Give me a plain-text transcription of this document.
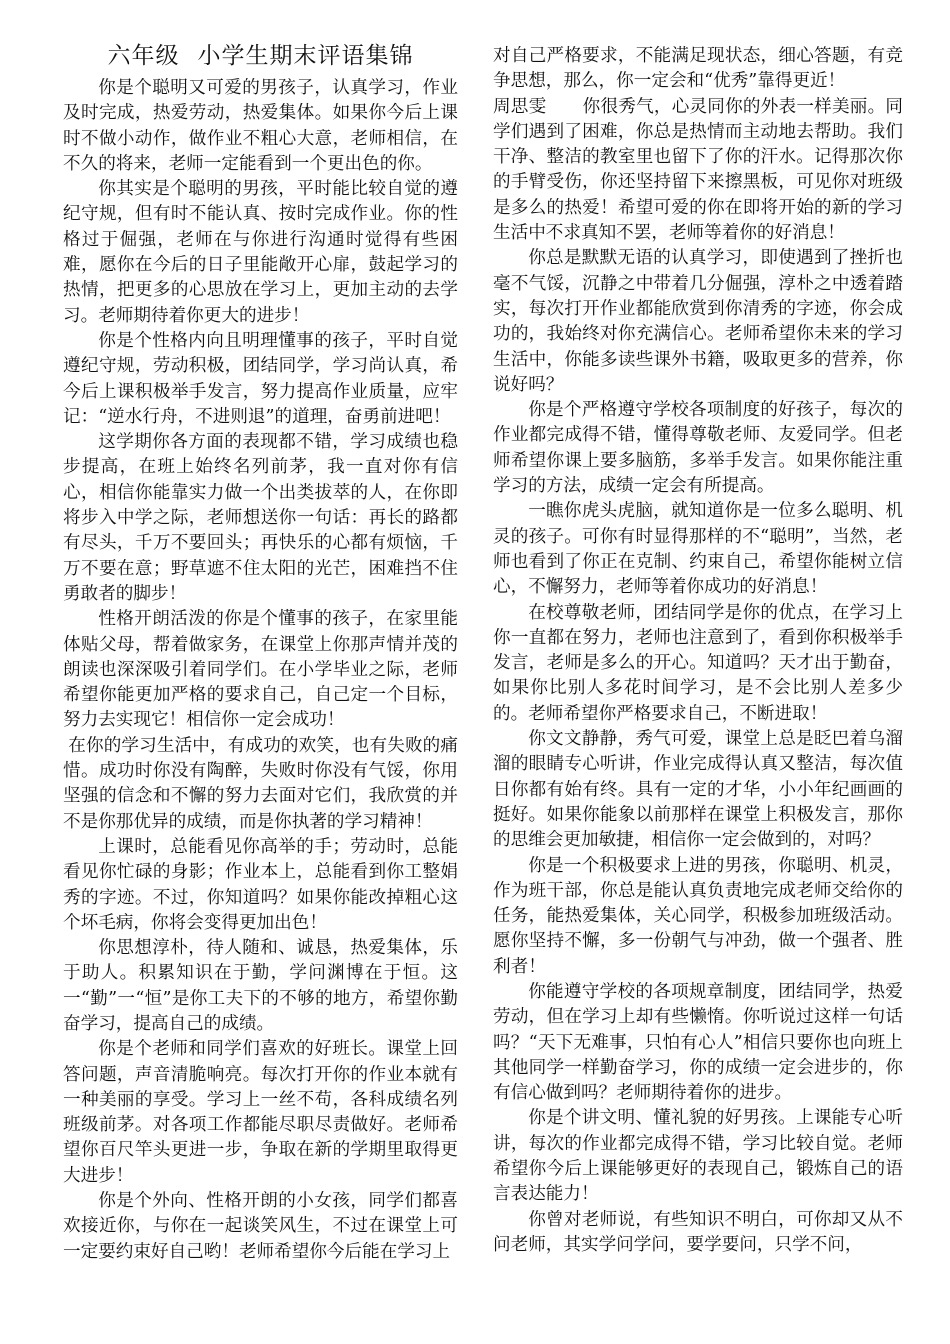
六年级 小学生期末评语集锦

你是个聪明又可爱的男孩子，认真学习，作业及时完成，热爱劳动，热爱集体。如果你今后上课时不做小动作，做作业不粗心大意，老师相信，在不久的将来，老师一定能看到一个更出色的你。

你其实是个聪明的男孩，平时能比较自觉的遵纪守规，但有时不能认真、按时完成作业。你的性格过于倔强，老师在与你进行沟通时觉得有些困难，愿你在今后的日子里能敞开心扉，鼓起学习的热情，把更多的心思放在学习上，更加主动的去学习。老师期待着你更大的进步！

你是个性格内向且明理懂事的孩子，平时自觉遵纪守规，劳动积极，团结同学，学习尚认真，希今后上课积极举手发言，努力提高作业质量，应牢记：“逆水行舟，不进则退”的道理，奋勇前进吧！

这学期你各方面的表现都不错，学习成绩也稳步提高，在班上始终名列前茅，我一直对你有信心，相信你能靠实力做一个出类拔萃的人，在你即将步入中学之际，老师想送你一句话：再长的路都有尽头，千万不要回头；再快乐的心都有烦恼，千万不要在意；野草遮不住太阳的光芒，困难挡不住勇敢者的脚步！

性格开朗活泼的你是个懂事的孩子，在家里能体贴父母，帮着做家务，在课堂上你那声情并茂的朗读也深深吸引着同学们。在小学毕业之际，老师希望你能更加严格的要求自己，自己定一个目标，努力去实现它！相信你一定会成功！

在你的学习生活中，有成功的欢笑，也有失败的痛惜。成功时你没有陶醉，失败时你没有气馁，你用坚强的信念和不懈的努力去面对它们，我欣赏的并不是你那优异的成绩，而是你执著的学习精神！

上课时，总能看见你高举的手；劳动时，总能看见你忙碌的身影；作业本上，总能看到你工整娟秀的字迹。不过，你知道吗？如果你能改掉粗心这个坏毛病，你将会变得更加出色！

你思想淳朴，待人随和、诚恳，热爱集体，乐于助人。积累知识在于勤，学问渊博在于恒。这一“勤”一“恒”是你工夫下的不够的地方，希望你勤奋学习，提高自己的成绩。

你是个老师和同学们喜欢的好班长。课堂上回答问题，声音清脆响亮。每次打开你的作业本就有一种美丽的享受。学习上一丝不苟，各科成绩名列班级前茅。对各项工作都能尽职尽责做好。老师希望你百尺竿头更进一步，争取在新的学期里取得更大进步！

你是个外向、性格开朗的小女孩，同学们都喜欢接近你，与你在一起谈笑风生，不过在课堂上可一定要约束好自己哟！老师希望你今后能在学习上

对自己严格要求，不能满足现状态，细心答题，有竞争思想，那么，你一定会和“优秀”靠得更近！

周思雯 你很秀气，心灵同你的外表一样美丽。同学们遇到了困难，你总是热情而主动地去帮助。我们干净、整洁的教室里也留下了你的汗水。记得那次你的手臂受伤，你还坚持留下来擦黑板，可见你对班级是多么的热爱！希望可爱的你在即将开始的新的学习生活中不求真知不罢，老师等着你的好消息！

你总是默默无语的认真学习，即使遇到了挫折也毫不气馁，沉静之中带着几分倔强，淳朴之中透着踏实，每次打开作业都能欣赏到你清秀的字迹，你会成功的，我始终对你充满信心。老师希望你未来的学习生活中，你能多读些课外书籍，吸取更多的营养，你说好吗？

你是个严格遵守学校各项制度的好孩子，每次的作业都完成得不错，懂得尊敬老师、友爱同学。但老师希望你课上要多脑筋，多举手发言。如果你能注重学习的方法，成绩一定会有所提高。

一瞧你虎头虎脑，就知道你是一位多么聪明、机灵的孩子。可你有时显得那样的不“聪明”，当然，老师也看到了你正在克制、约束自己，希望你能树立信心，不懈努力，老师等着你成功的好消息！

在校尊敬老师，团结同学是你的优点，在学习上你一直都在努力，老师也注意到了，看到你积极举手发言，老师是多么的开心。知道吗？天才出于勤奋，如果你比别人多花时间学习，是不会比别人差多少的。老师希望你严格要求自己，不断进取！

你文文静静，秀气可爱，课堂上总是眨巴着乌溜溜的眼睛专心听讲，作业完成得认真又整洁，每次值日你都有始有终。具有一定的才华，小小年纪画画的挺好。如果你能象以前那样在课堂上积极发言，那你的思维会更加敏捷，相信你一定会做到的，对吗？

你是一个积极要求上进的男孩，你聪明、机灵，作为班干部，你总是能认真负责地完成老师交给你的任务，能热爱集体，关心同学，积极参加班级活动。愿你坚持不懈，多一份朝气与冲劲，做一个强者、胜利者！

你能遵守学校的各项规章制度，团结同学，热爱劳动，但在学习上却有些懒惰。你听说过这样一句话吗？“天下无难事，只怕有心人”相信只要你也向班上其他同学一样勤奋学习，你的成绩一定会进步的，你有信心做到吗？老师期待着你的进步。

你是个讲文明、懂礼貌的好男孩。上课能专心听讲，每次的作业都完成得不错，学习比较自觉。老师希望你今后上课能够更好的表现自己，锻炼自己的语言表达能力！

你曾对老师说，有些知识不明白，可你却又从不问老师，其实学问学问，要学要问，只学不问，
